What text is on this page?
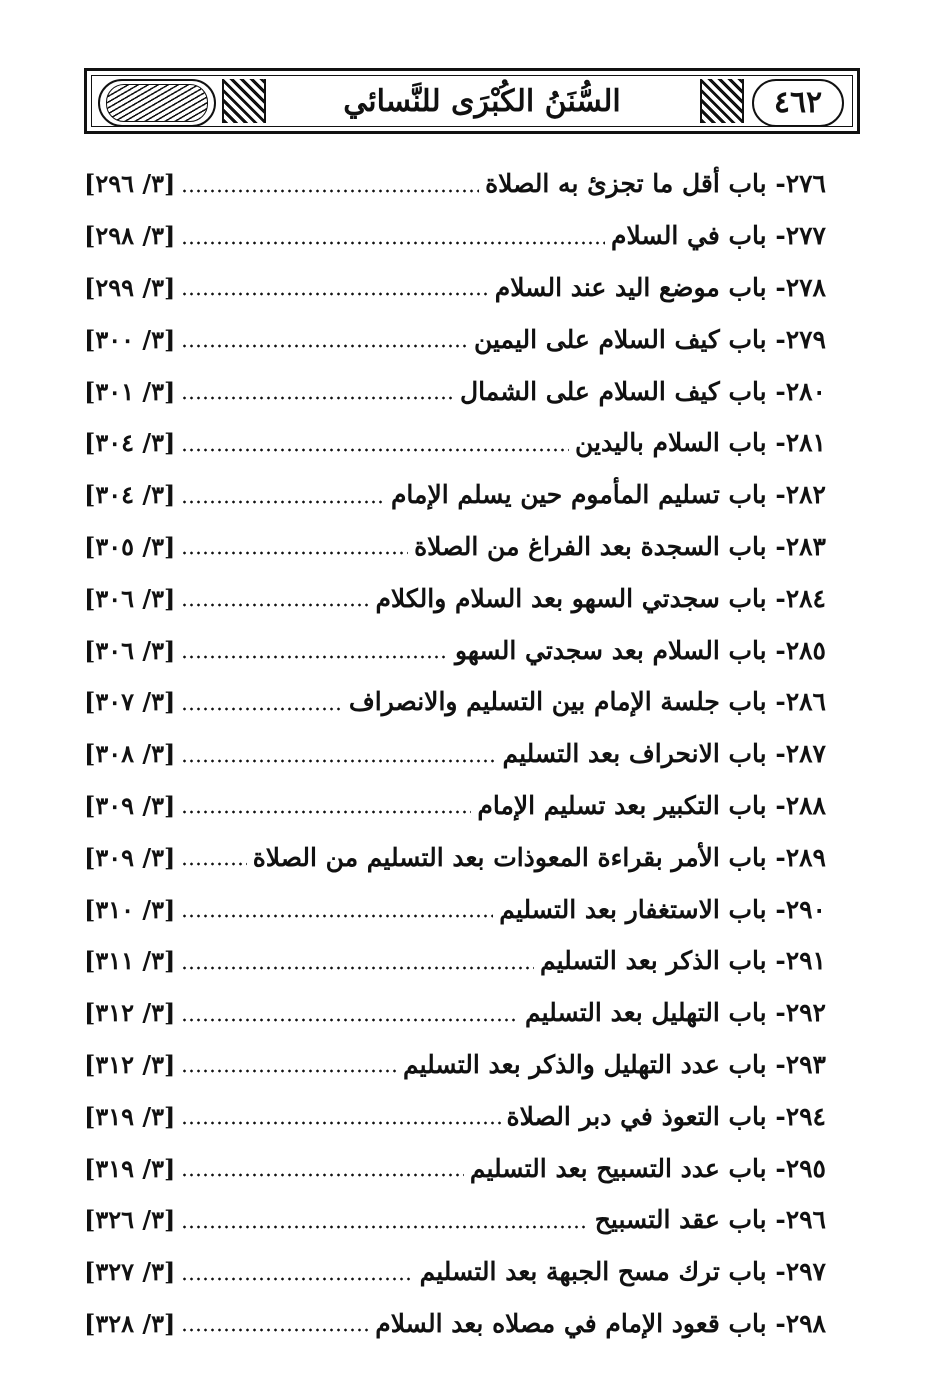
السُّنَنُ الكُبْرَى للنَّسائي	٤٦٢
٢٧٦- باب أقل ما تجزئ به الصلاة
[٣/ ٢٩٦]
٢٧٧- باب في السلام
[٣/ ٢٩٨]
٢٧٨- باب موضع اليد عند السلام
[٣/ ٢٩٩]
٢٧٩- باب كيف السلام على اليمين
[٣/ ٣٠٠]
٢٨٠- باب كيف السلام على الشمال
[٣/ ٣٠١]
٢٨١- باب السلام باليدين
[٣/ ٣٠٤]
٢٨٢- باب تسليم المأموم حين يسلم الإمام
[٣/ ٣٠٤]
٢٨٣- باب السجدة بعد الفراغ من الصلاة
[٣/ ٣٠٥]
٢٨٤- باب سجدتي السهو بعد السلام والكلام
[٣/ ٣٠٦]
٢٨٥- باب السلام بعد سجدتي السهو
[٣/ ٣٠٦]
٢٨٦- باب جلسة الإمام بين التسليم والانصراف
[٣/ ٣٠٧]
٢٨٧- باب الانحراف بعد التسليم
[٣/ ٣٠٨]
٢٨٨- باب التكبير بعد تسليم الإمام
[٣/ ٣٠٩]
٢٨٩- باب الأمر بقراءة المعوذات بعد التسليم من الصلاة
[٣/ ٣٠٩]
٢٩٠- باب الاستغفار بعد التسليم
[٣/ ٣١٠]
٢٩١- باب الذكر بعد التسليم
[٣/ ٣١١]
٢٩٢- باب التهليل بعد التسليم
[٣/ ٣١٢]
٢٩٣- باب عدد التهليل والذكر بعد التسليم
[٣/ ٣١٢]
٢٩٤- باب التعوذ في دبر الصلاة
[٣/ ٣١٩]
٢٩٥- باب عدد التسبيح بعد التسليم
[٣/ ٣١٩]
٢٩٦- باب عقد التسبيح
[٣/ ٣٢٦]
٢٩٧- باب ترك مسح الجبهة بعد التسليم
[٣/ ٣٢٧]
٢٩٨- باب قعود الإمام في مصلاه بعد السلام
[٣/ ٣٢٨]
